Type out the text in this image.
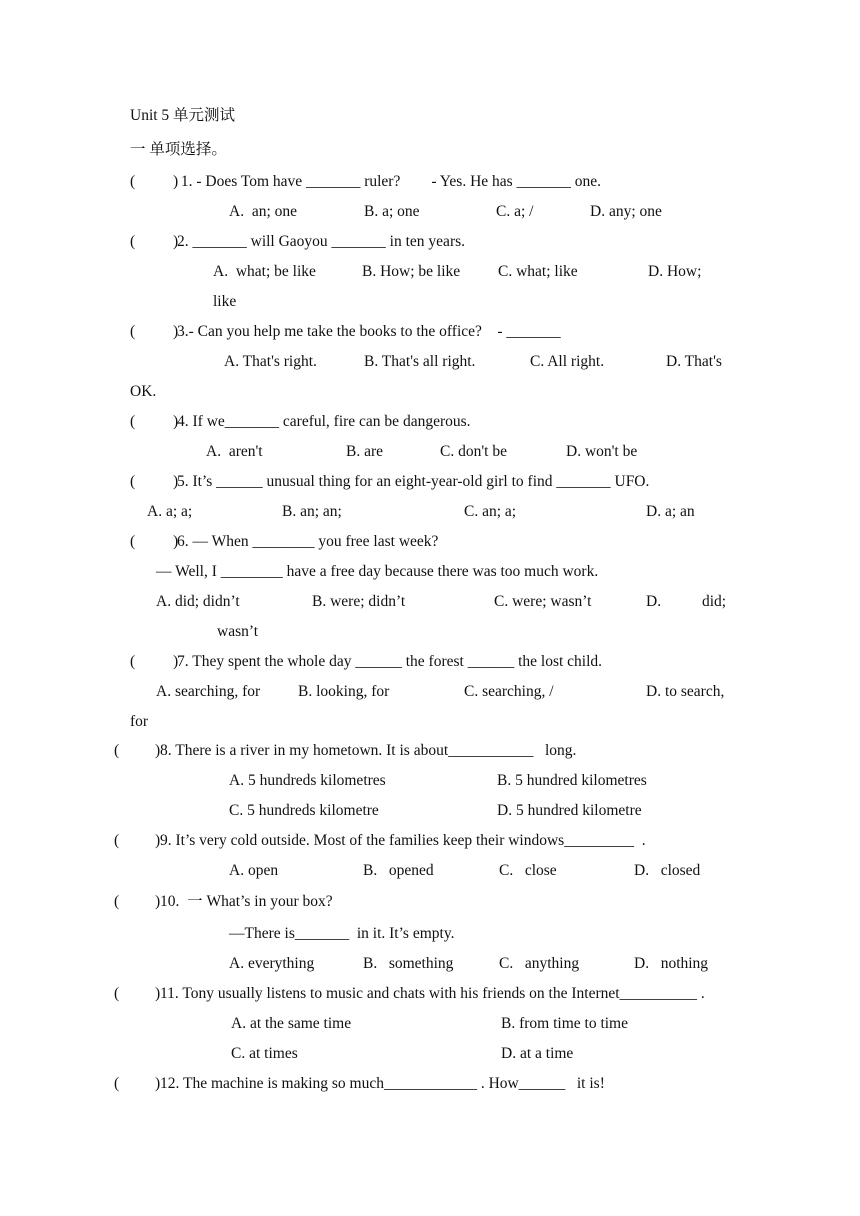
Unit 5 单元测试
一 单项选择。
( )
1. - Does Tom have _______ ruler?        - Yes. He has _______ one.
A.  an; one	B. a; one	C. a; /	D. any; one
( )
2. _______ will Gaoyou _______ in ten years.
A.  what; be like	B. How; be like C. what; like	D. How;
like
( )
3.- Can you help me take the books to the office?    - _______
A. That's right.	B. That's all right.	C. All right.	D. That's
OK.
( )
4. If we_______ careful, fire can be dangerous.
A.  aren't	B. are	C. don't be	D. won't be
( )
5. It’s ______ unusual thing for an eight-year-old girl to find _______ UFO.
A. a; a;	B. an; an;	C. an; a;	D. a; an
( )
6. — When ________ you free last week?
— Well, I ________ have a free day because there was too much work.
A. did; didn’t	B. were; didn’t	C. were; wasn’t	D.	did;
wasn’t
( )
7. They spent the whole day ______ the forest ______ the lost child.
A. searching, for B. looking, for	C. searching, /	D. to search,
for
( ) 8. There is a river in my hometown. It is about___________   long.
A. 5 hundreds kilometres	B. 5 hundred kilometres
C. 5 hundreds kilometre	D. 5 hundred kilometre
( ) 9. It’s very cold outside. Most of the families keep their windows_________  .
A. open	B.   opened	C.   close	D.   closed
( ) 10.  一 What’s in your box?
—There is_______  in it. It’s empty.
A. everything	B.   something	C.   anything	D.   nothing
( ) 11. Tony usually listens to music and chats with his friends on the Internet__________ .
A. at the same time	B. from time to time
C. at times	D. at a time
( ) 12. The machine is making so much____________ . How______   it is!
